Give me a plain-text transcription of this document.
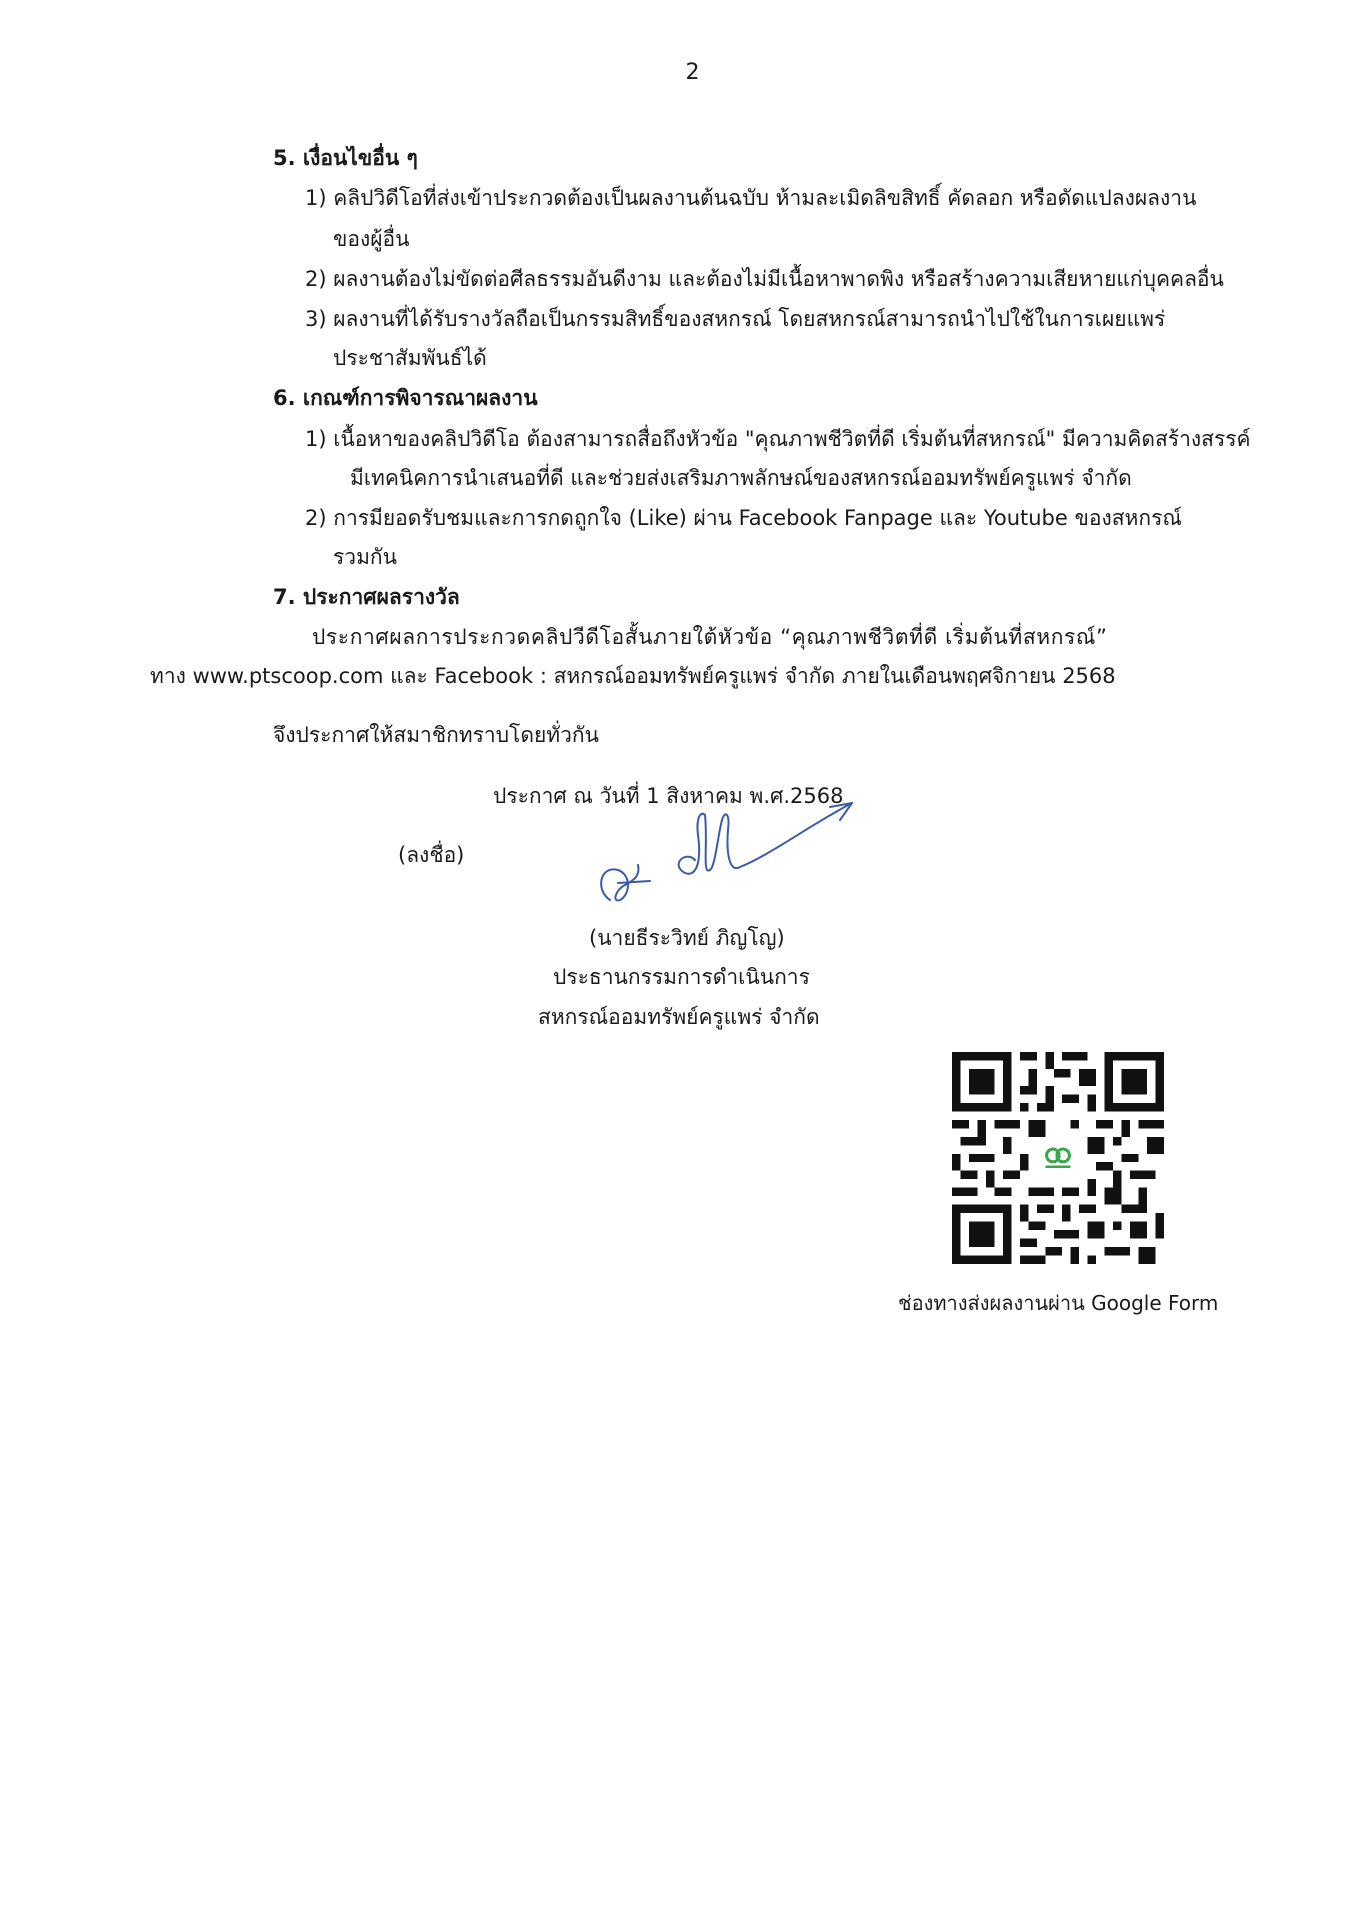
2
5. เงื่อนไขอื่น ๆ
1) คลิปวิดีโอที่ส่งเข้าประกวดต้องเป็นผลงานต้นฉบับ ห้ามละเมิดลิขสิทธิ์ คัดลอก หรือดัดแปลงผลงาน
ของผู้อื่น
2) ผลงานต้องไม่ขัดต่อศีลธรรมอันดีงาม และต้องไม่มีเนื้อหาพาดพิง หรือสร้างความเสียหายแก่บุคคลอื่น
3) ผลงานที่ได้รับรางวัลถือเป็นกรรมสิทธิ์ของสหกรณ์ โดยสหกรณ์สามารถนำไปใช้ในการเผยแพร่
ประชาสัมพันธ์ได้
6. เกณฑ์การพิจารณาผลงาน
1) เนื้อหาของคลิปวิดีโอ ต้องสามารถสื่อถึงหัวข้อ "คุณภาพชีวิตที่ดี เริ่มต้นที่สหกรณ์" มีความคิดสร้างสรรค์
มีเทคนิคการนำเสนอที่ดี และช่วยส่งเสริมภาพลักษณ์ของสหกรณ์ออมทรัพย์ครูแพร่ จำกัด
2) การมียอดรับชมและการกดถูกใจ (Like) ผ่าน Facebook Fanpage และ Youtube ของสหกรณ์
รวมกัน
7. ประกาศผลรางวัล
ประกาศผลการประกวดคลิปวีดีโอสั้นภายใต้หัวข้อ “คุณภาพชีวิตที่ดี เริ่มต้นที่สหกรณ์”
ทาง www.ptscoop.com และ Facebook : สหกรณ์ออมทรัพย์ครูแพร่ จำกัด ภายในเดือนพฤศจิกายน 2568
จึงประกาศให้สมาชิกทราบโดยทั่วกัน
ประกาศ ณ วันที่ 1 สิงหาคม พ.ศ.2568
(ลงชื่อ)
(นายธีระวิทย์ ภิญโญ)
ประธานกรรมการดำเนินการ
สหกรณ์ออมทรัพย์ครูแพร่ จำกัด
ช่องทางส่งผลงานผ่าน Google Form
